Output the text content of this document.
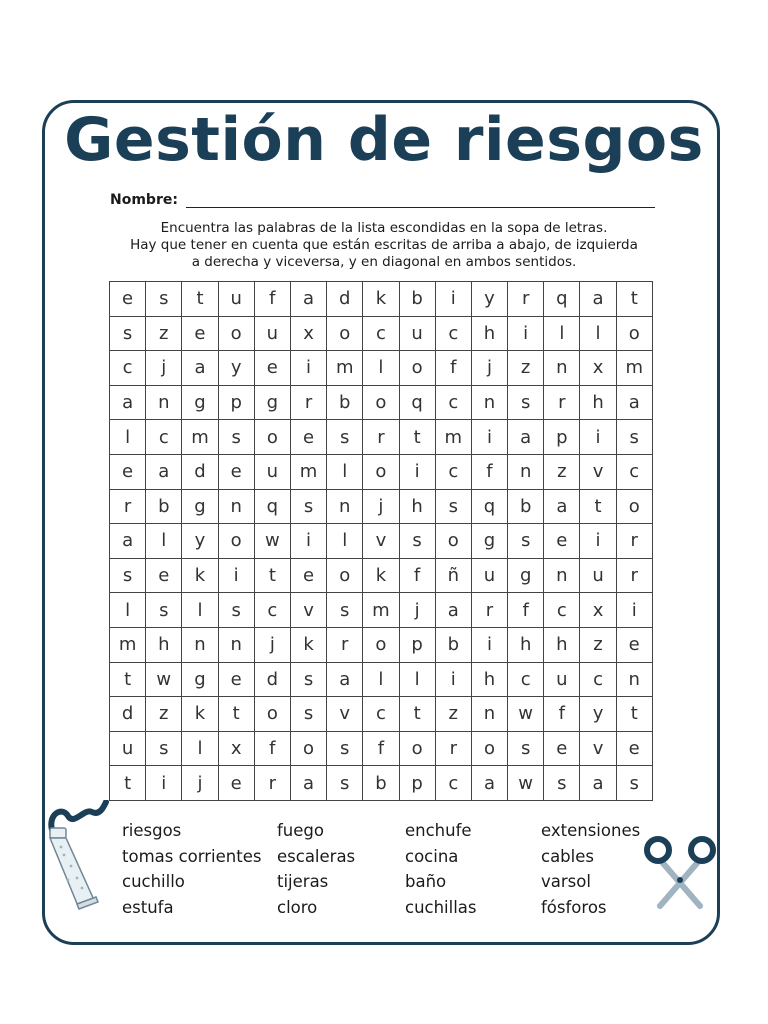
Gestión de riesgos
Nombre:
Encuentra las palabras de la lista escondidas en la sopa de letras.
Hay que tener en cuenta que están escritas de arriba a abajo, de izquierda
a derecha y viceversa, y en diagonal en ambos sentidos.
e	s	t	u	f	a	d	k	b	i	y	r	q	a	t
s	z	e	o	u	x	o	c	u	c	h	i	l	l	o
c	j	a	y	e	i	m	l	o	f	j	z	n	x	m
a	n	g	p	g	r	b	o	q	c	n	s	r	h	a
l	c	m	s	o	e	s	r	t	m	i	a	p	i	s
e	a	d	e	u	m	l	o	i	c	f	n	z	v	c
r	b	g	n	q	s	n	j	h	s	q	b	a	t	o
a	l	y	o	w	i	l	v	s	o	g	s	e	i	r
s	e	k	i	t	e	o	k	f	ñ	u	g	n	u	r
l	s	l	s	c	v	s	m	j	a	r	f	c	x	i
m	h	n	n	j	k	r	o	p	b	i	h	h	z	e
t	w	g	e	d	s	a	l	l	i	h	c	u	c	n
d	z	k	t	o	s	v	c	t	z	n	w	f	y	t
u	s	l	x	f	o	s	f	o	r	o	s	e	v	e
t	i	j	e	r	a	s	b	p	c	a	w	s	a	s
riesgos
tomas corrientes
cuchillo
estufa
fuego
escaleras
tijeras
cloro
enchufe
cocina
baño
cuchillas
extensiones
cables
varsol
fósforos
